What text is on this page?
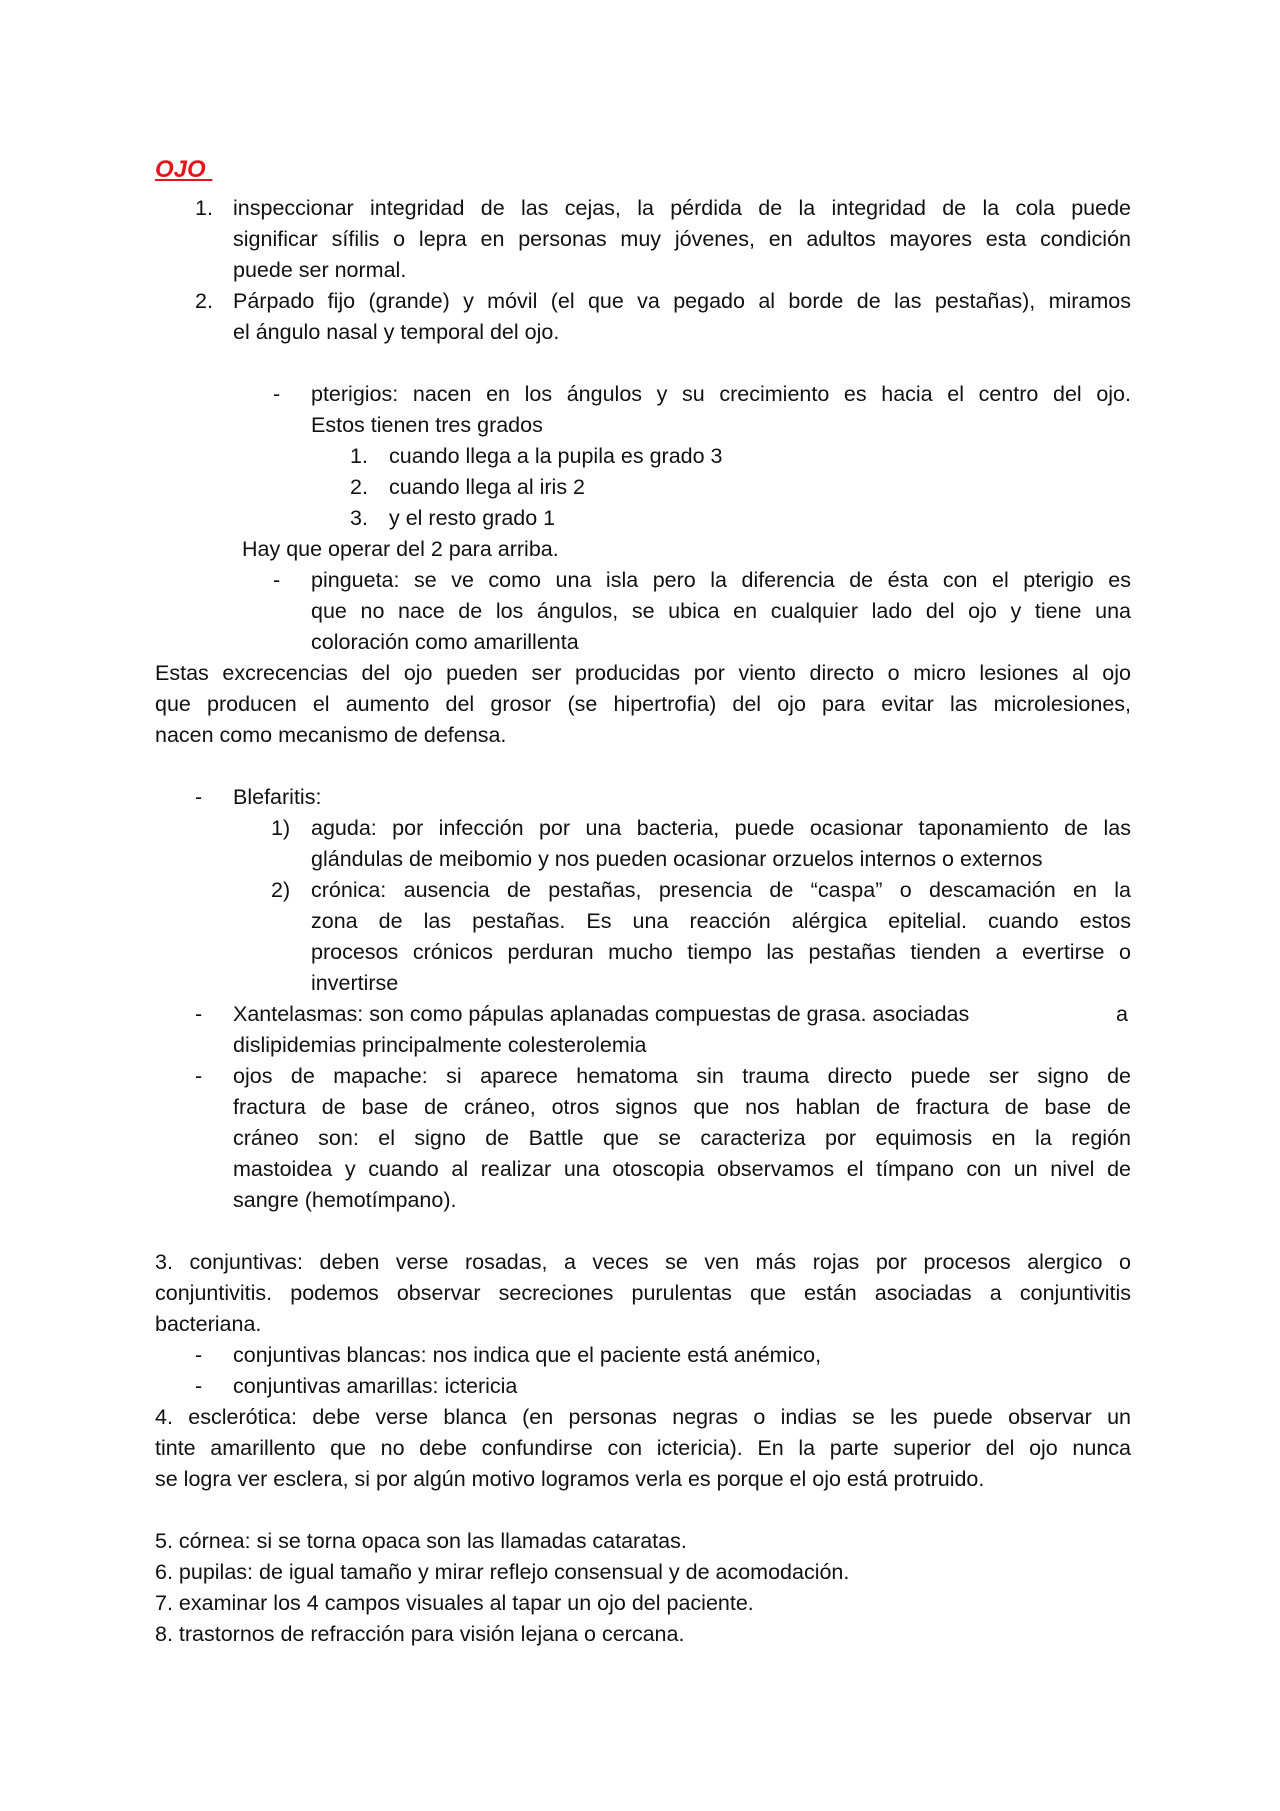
OJO
1. inspeccionar integridad de las cejas, la pérdida de la integridad de la cola puede
significar sífilis o lepra en personas muy jóvenes, en adultos mayores esta condición
puede ser normal.
2. Párpado fijo (grande) y móvil (el que va pegado al borde de las pestañas), miramos
el ángulo nasal y temporal del ojo.
- pterigios: nacen en los ángulos y su crecimiento es hacia el centro del ojo.
Estos tienen tres grados
1. cuando llega a la pupila es grado 3
2. cuando llega al iris 2
3. y el resto grado 1
Hay que operar del 2 para arriba.
- pingueta: se ve como una isla pero la diferencia de ésta con el pterigio es
que no nace de los ángulos, se ubica en cualquier lado del ojo y tiene una
coloración como amarillenta
Estas excrecencias del ojo pueden ser producidas por viento directo o micro lesiones al ojo
que producen el aumento del grosor (se hipertrofia) del ojo para evitar las microlesiones,
nacen como mecanismo de defensa.
- Blefaritis:
1) aguda: por infección por una bacteria, puede ocasionar taponamiento de las
glándulas de meibomio y nos pueden ocasionar orzuelos internos o externos
2) crónica: ausencia de pestañas, presencia de “caspa” o descamación en la
zona de las pestañas. Es una reacción alérgica epitelial. cuando estos
procesos crónicos perduran mucho tiempo las pestañas tienden a evertirse o
invertirse
- Xantelasmas: son como pápulas aplanadas compuestas de grasa. asociadas	a
dislipidemias principalmente colesterolemia
- ojos de mapache: si aparece hematoma sin trauma directo puede ser signo de
fractura de base de cráneo, otros signos que nos hablan de fractura de base de
cráneo son: el signo de Battle que se caracteriza por equimosis en la región
mastoidea y cuando al realizar una otoscopia observamos el tímpano con un nivel de
sangre (hemotímpano).
3. conjuntivas: deben verse rosadas, a veces se ven más rojas por procesos alergico o
conjuntivitis. podemos observar secreciones purulentas que están asociadas a conjuntivitis
bacteriana.
- conjuntivas blancas: nos indica que el paciente está anémico,
- conjuntivas amarillas: ictericia
4. esclerótica: debe verse blanca (en personas negras o indias se les puede observar un
tinte amarillento que no debe confundirse con ictericia). En la parte superior del ojo nunca
se logra ver esclera, si por algún motivo logramos verla es porque el ojo está protruido.
5. córnea: si se torna opaca son las llamadas cataratas.
6. pupilas: de igual tamaño y mirar reflejo consensual y de acomodación.
7. examinar los 4 campos visuales al tapar un ojo del paciente.
8. trastornos de refracción para visión lejana o cercana.
